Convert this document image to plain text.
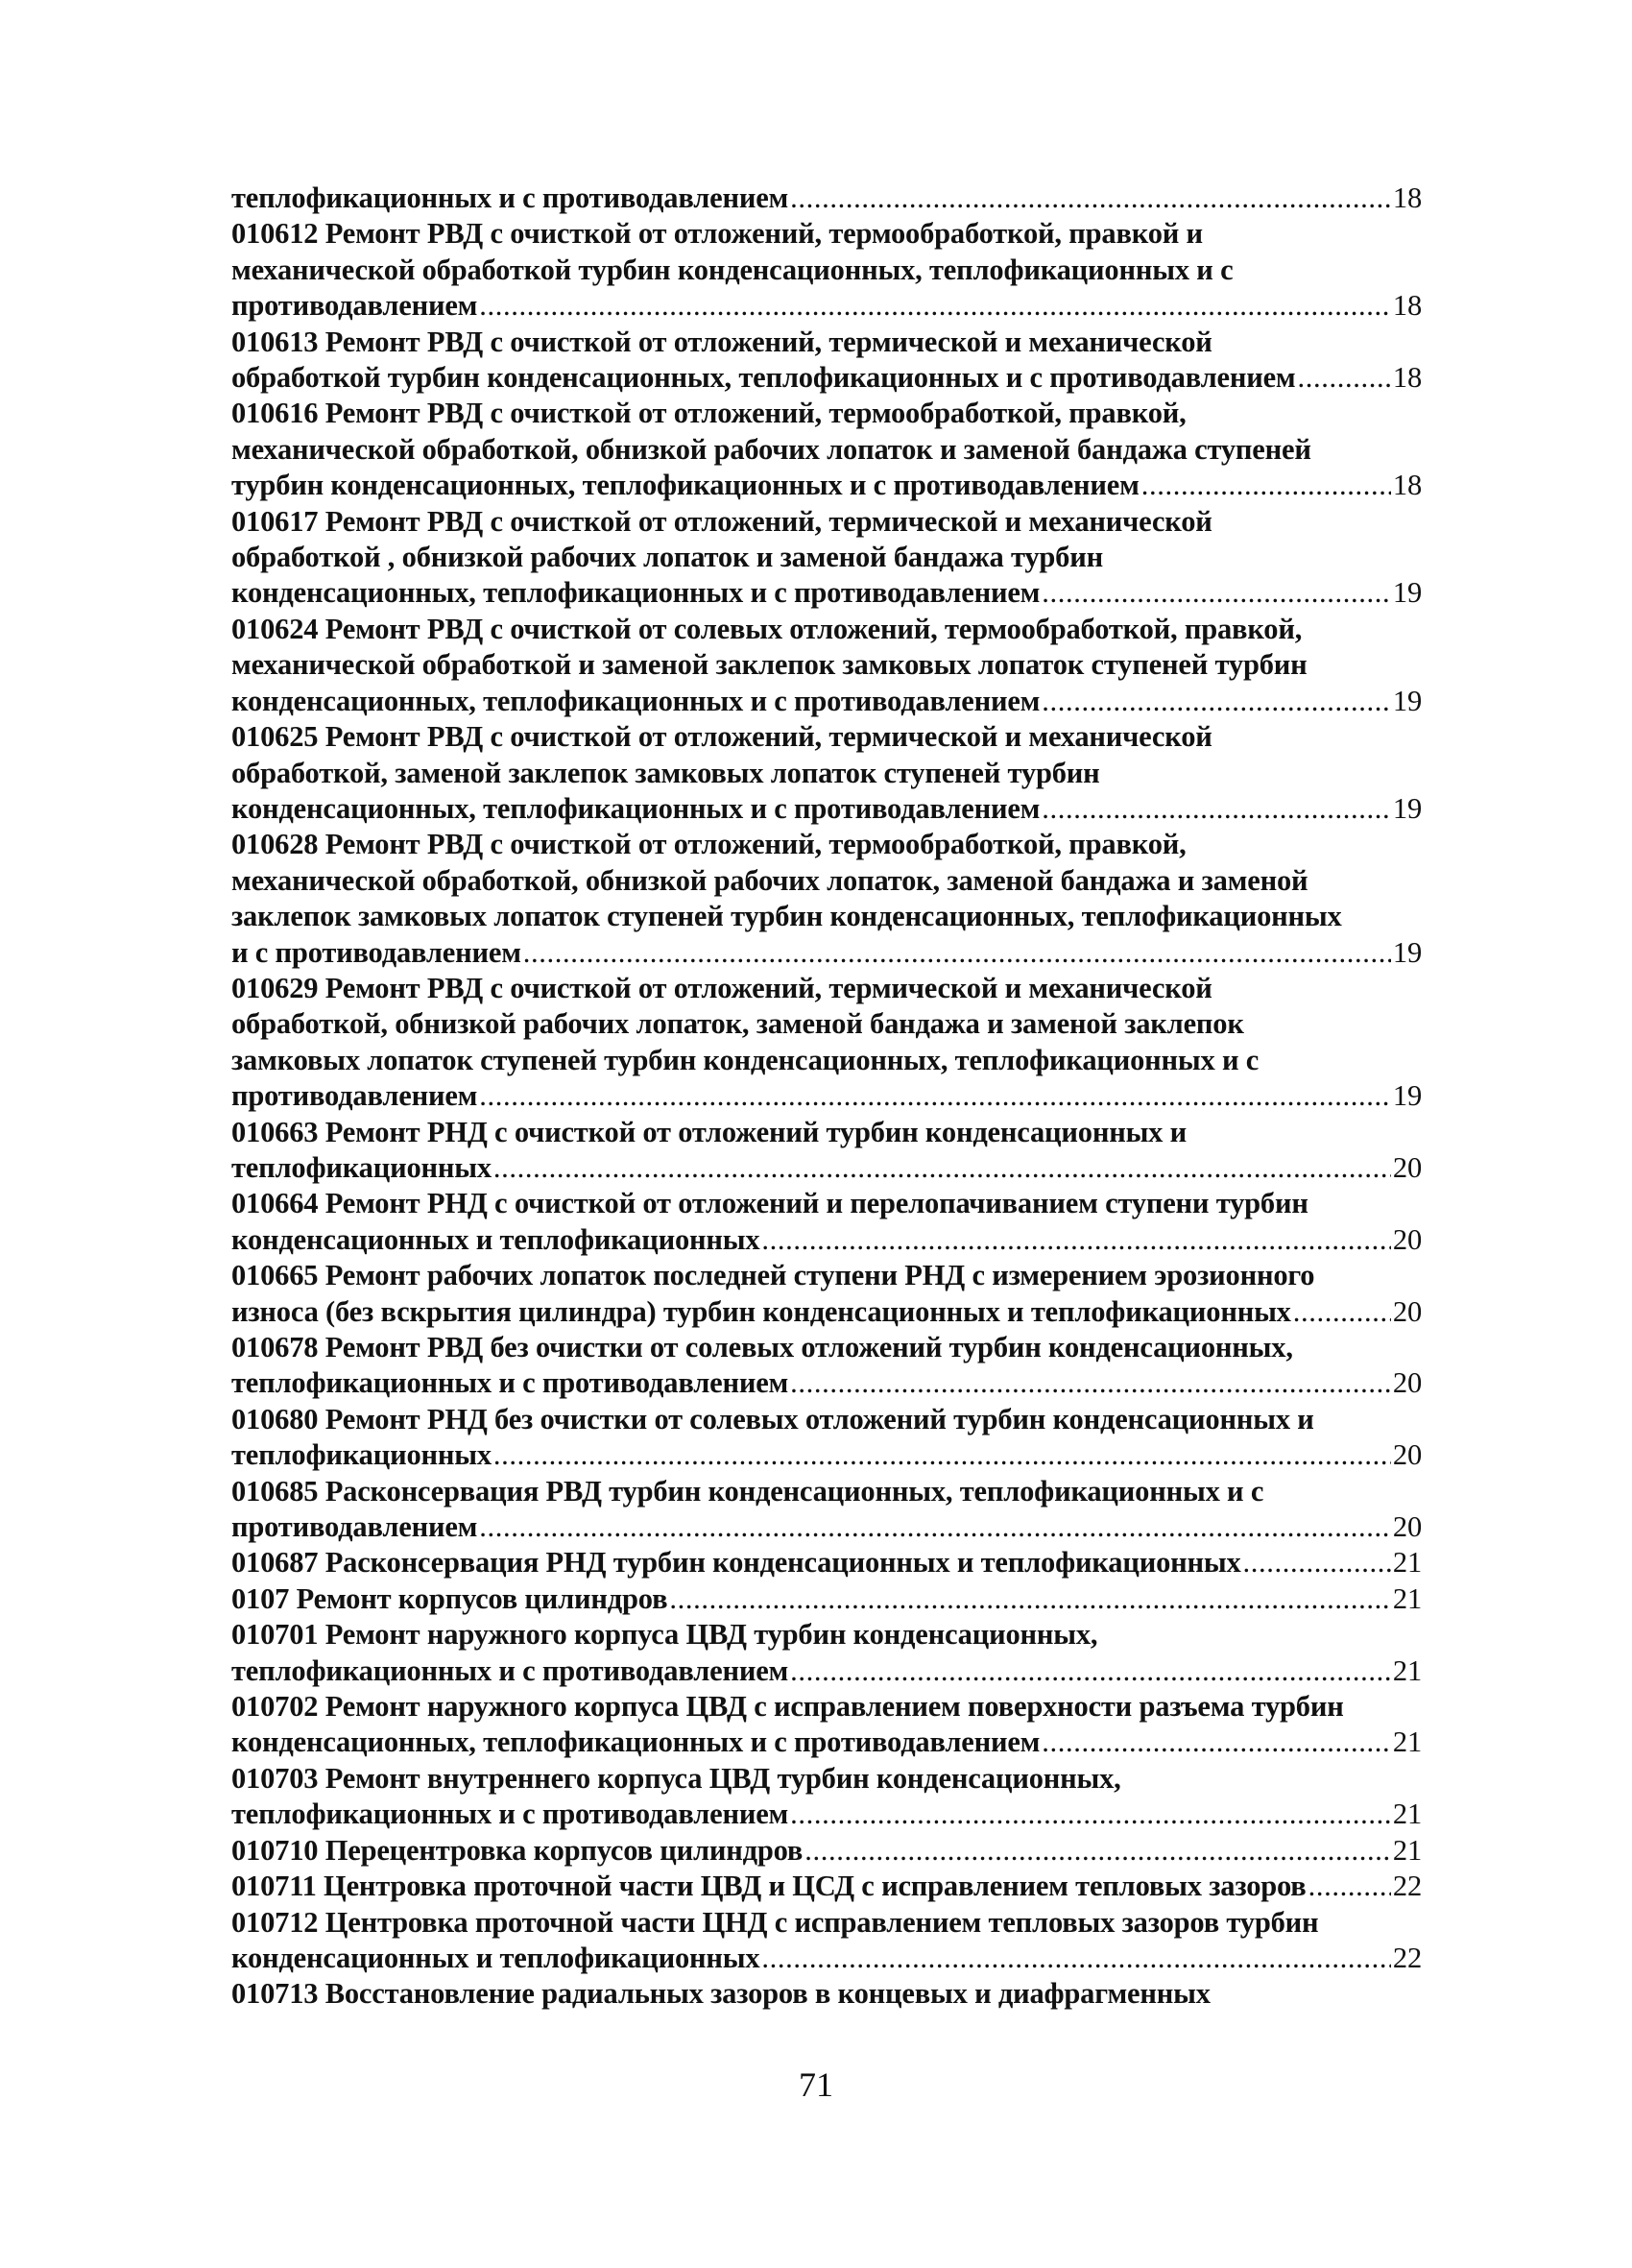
теплофикационных и с противодавлением . . .	18
010612 Ремонт РВД с очисткой от отложений, термообработкой, правкой и
механической обработкой турбин конденсационных, теплофикационных и с
противодавлением . . .	18
010613 Ремонт РВД с очисткой от отложений, термической и механической
обработкой турбин конденсационных, теплофикационных и с противодавлением . . .	18
010616 Ремонт РВД с очисткой от отложений, термообработкой, правкой,
механической обработкой, обнизкой рабочих лопаток и заменой бандажа ступеней
турбин конденсационных, теплофикационных и с противодавлением . . .	18
010617 Ремонт РВД с очисткой от отложений, термической и механической
обработкой , обнизкой рабочих лопаток и заменой бандажа турбин
конденсационных, теплофикационных и с противодавлением . . .	19
010624 Ремонт РВД с очисткой от солевых отложений, термообработкой, правкой,
механической обработкой и заменой заклепок замковых лопаток ступеней турбин
конденсационных, теплофикационных и с противодавлением . . .	19
010625 Ремонт РВД с очисткой от отложений, термической и механической
обработкой, заменой заклепок замковых лопаток ступеней турбин
конденсационных, теплофикационных и с противодавлением . . .	19
010628 Ремонт РВД с очисткой от отложений, термообработкой, правкой,
механической обработкой, обнизкой рабочих лопаток, заменой бандажа и заменой
заклепок замковых лопаток ступеней турбин конденсационных, теплофикационных
и с противодавлением . . .	19
010629 Ремонт РВД с очисткой от отложений, термической и механической
обработкой, обнизкой рабочих лопаток, заменой бандажа и заменой заклепок
замковых лопаток ступеней турбин конденсационных, теплофикационных и с
противодавлением . . .	19
010663 Ремонт РНД с очисткой от отложений турбин конденсационных и
теплофикационных . . .	20
010664 Ремонт РНД с очисткой от отложений и перелопачиванием ступени турбин
конденсационных и теплофикационных . . .	20
010665 Ремонт рабочих лопаток последней ступени РНД с измерением эрозионного
износа (без вскрытия цилиндра) турбин конденсационных и теплофикационных . . .	20
010678 Ремонт РВД без очистки от солевых отложений турбин конденсационных,
теплофикационных и с противодавлением . . .	20
010680 Ремонт РНД без очистки от солевых отложений турбин конденсационных и
теплофикационных . . .	20
010685 Расконсервация РВД турбин конденсационных, теплофикационных и с
противодавлением . . .	20
010687 Расконсервация РНД турбин конденсационных и теплофикационных . . .	21
0107 Ремонт корпусов цилиндров . . .	21
010701 Ремонт наружного корпуса ЦВД турбин конденсационных,
теплофикационных и с противодавлением . . .	21
010702 Ремонт наружного корпуса ЦВД с исправлением поверхности разъема турбин
конденсационных, теплофикационных и с противодавлением . . .	21
010703 Ремонт внутреннего корпуса ЦВД турбин конденсационных,
теплофикационных и с противодавлением . . .	21
010710 Перецентровка корпусов цилиндров . . .	21
010711 Центровка проточной части ЦВД и ЦСД с исправлением тепловых зазоров . . .	22
010712 Центровка проточной части ЦНД с исправлением тепловых зазоров турбин
конденсационных и теплофикационных . . .	22
010713 Восстановление радиальных зазоров в концевых и диафрагменных
71
